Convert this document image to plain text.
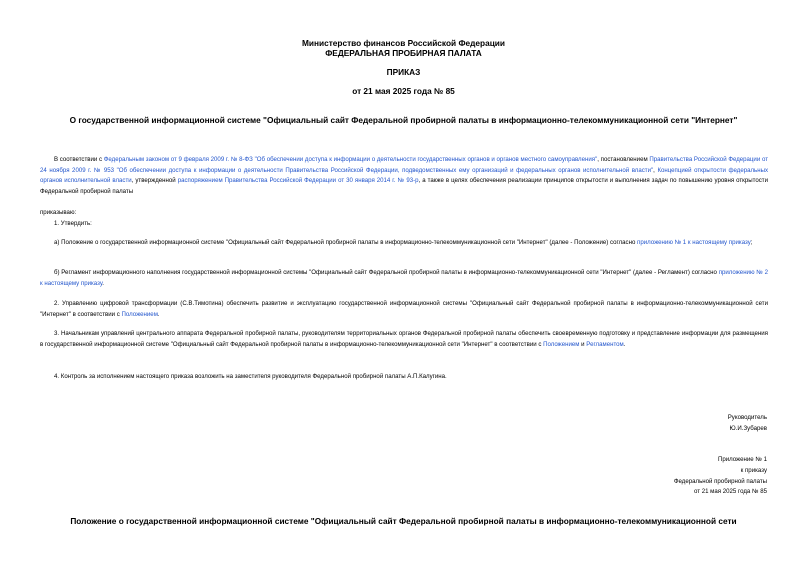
Министерство финансов Российской Федерации
ФЕДЕРАЛЬНАЯ ПРОБИРНАЯ ПАЛАТА
ПРИКАЗ
от 21 мая 2025 года № 85
О государственной информационной системе "Официальный сайт Федеральной пробирной палаты в информационно-телекоммуникационной сети "Интернет"
В соответствии с Федеральным законом от 9 февраля 2009 г. № 8-ФЗ "Об обеспечении доступа к информации о деятельности государственных органов и органов местного самоуправления", постановлением Правительства Российской Федерации от 24 ноября 2009 г. № 953 "Об обеспечении доступа к информации о деятельности Правительства Российской Федерации, подведомственных ему организаций и федеральных органов исполнительной власти", Концепцией открытости федеральных органов исполнительной власти, утвержденной распоряжением Правительства Российской Федерации от 30 января 2014 г. № 93-р, а также в целях обеспечения реализации принципов открытости и выполнения задач по повышению уровня открытости Федеральной пробирной палаты
приказываю:
1. Утвердить:
а) Положение о государственной информационной системе "Официальный сайт Федеральной пробирной палаты в информационно-телекоммуникационной сети "Интернет" (далее - Положение) согласно приложению № 1 к настоящему приказу;
б) Регламент информационного наполнения государственной информационной системы "Официальный сайт Федеральной пробирной палаты в информационно-телекоммуникационной сети "Интернет" (далее - Регламент) согласно приложению № 2 к настоящему приказу.
2. Управлению цифровой трансформации (С.В.Тимотина) обеспечить развитие и эксплуатацию государственной информационной системы "Официальный сайт Федеральной пробирной палаты в информационно-телекоммуникационной сети "Интернет" в соответствии с Положением.
3. Начальникам управлений центрального аппарата Федеральной пробирной палаты, руководителям территориальных органов Федеральной пробирной палаты обеспечить своевременную подготовку и представление информации для размещения в государственной информационной системе "Официальный сайт Федеральной пробирной палаты в информационно-телекоммуникационной сети "Интернет" в соответствии с Положением и Регламентом.
4. Контроль за исполнением настоящего приказа возложить на заместителя руководителя Федеральной пробирной палаты А.П.Калугина.
Руководитель
Ю.И.Зубарев
Приложение № 1
к приказу
Федеральной пробирной палаты
от 21 мая 2025 года № 85
Положение о государственной информационной системе "Официальный сайт Федеральной пробирной палаты в информационно-телекоммуникационной сети
